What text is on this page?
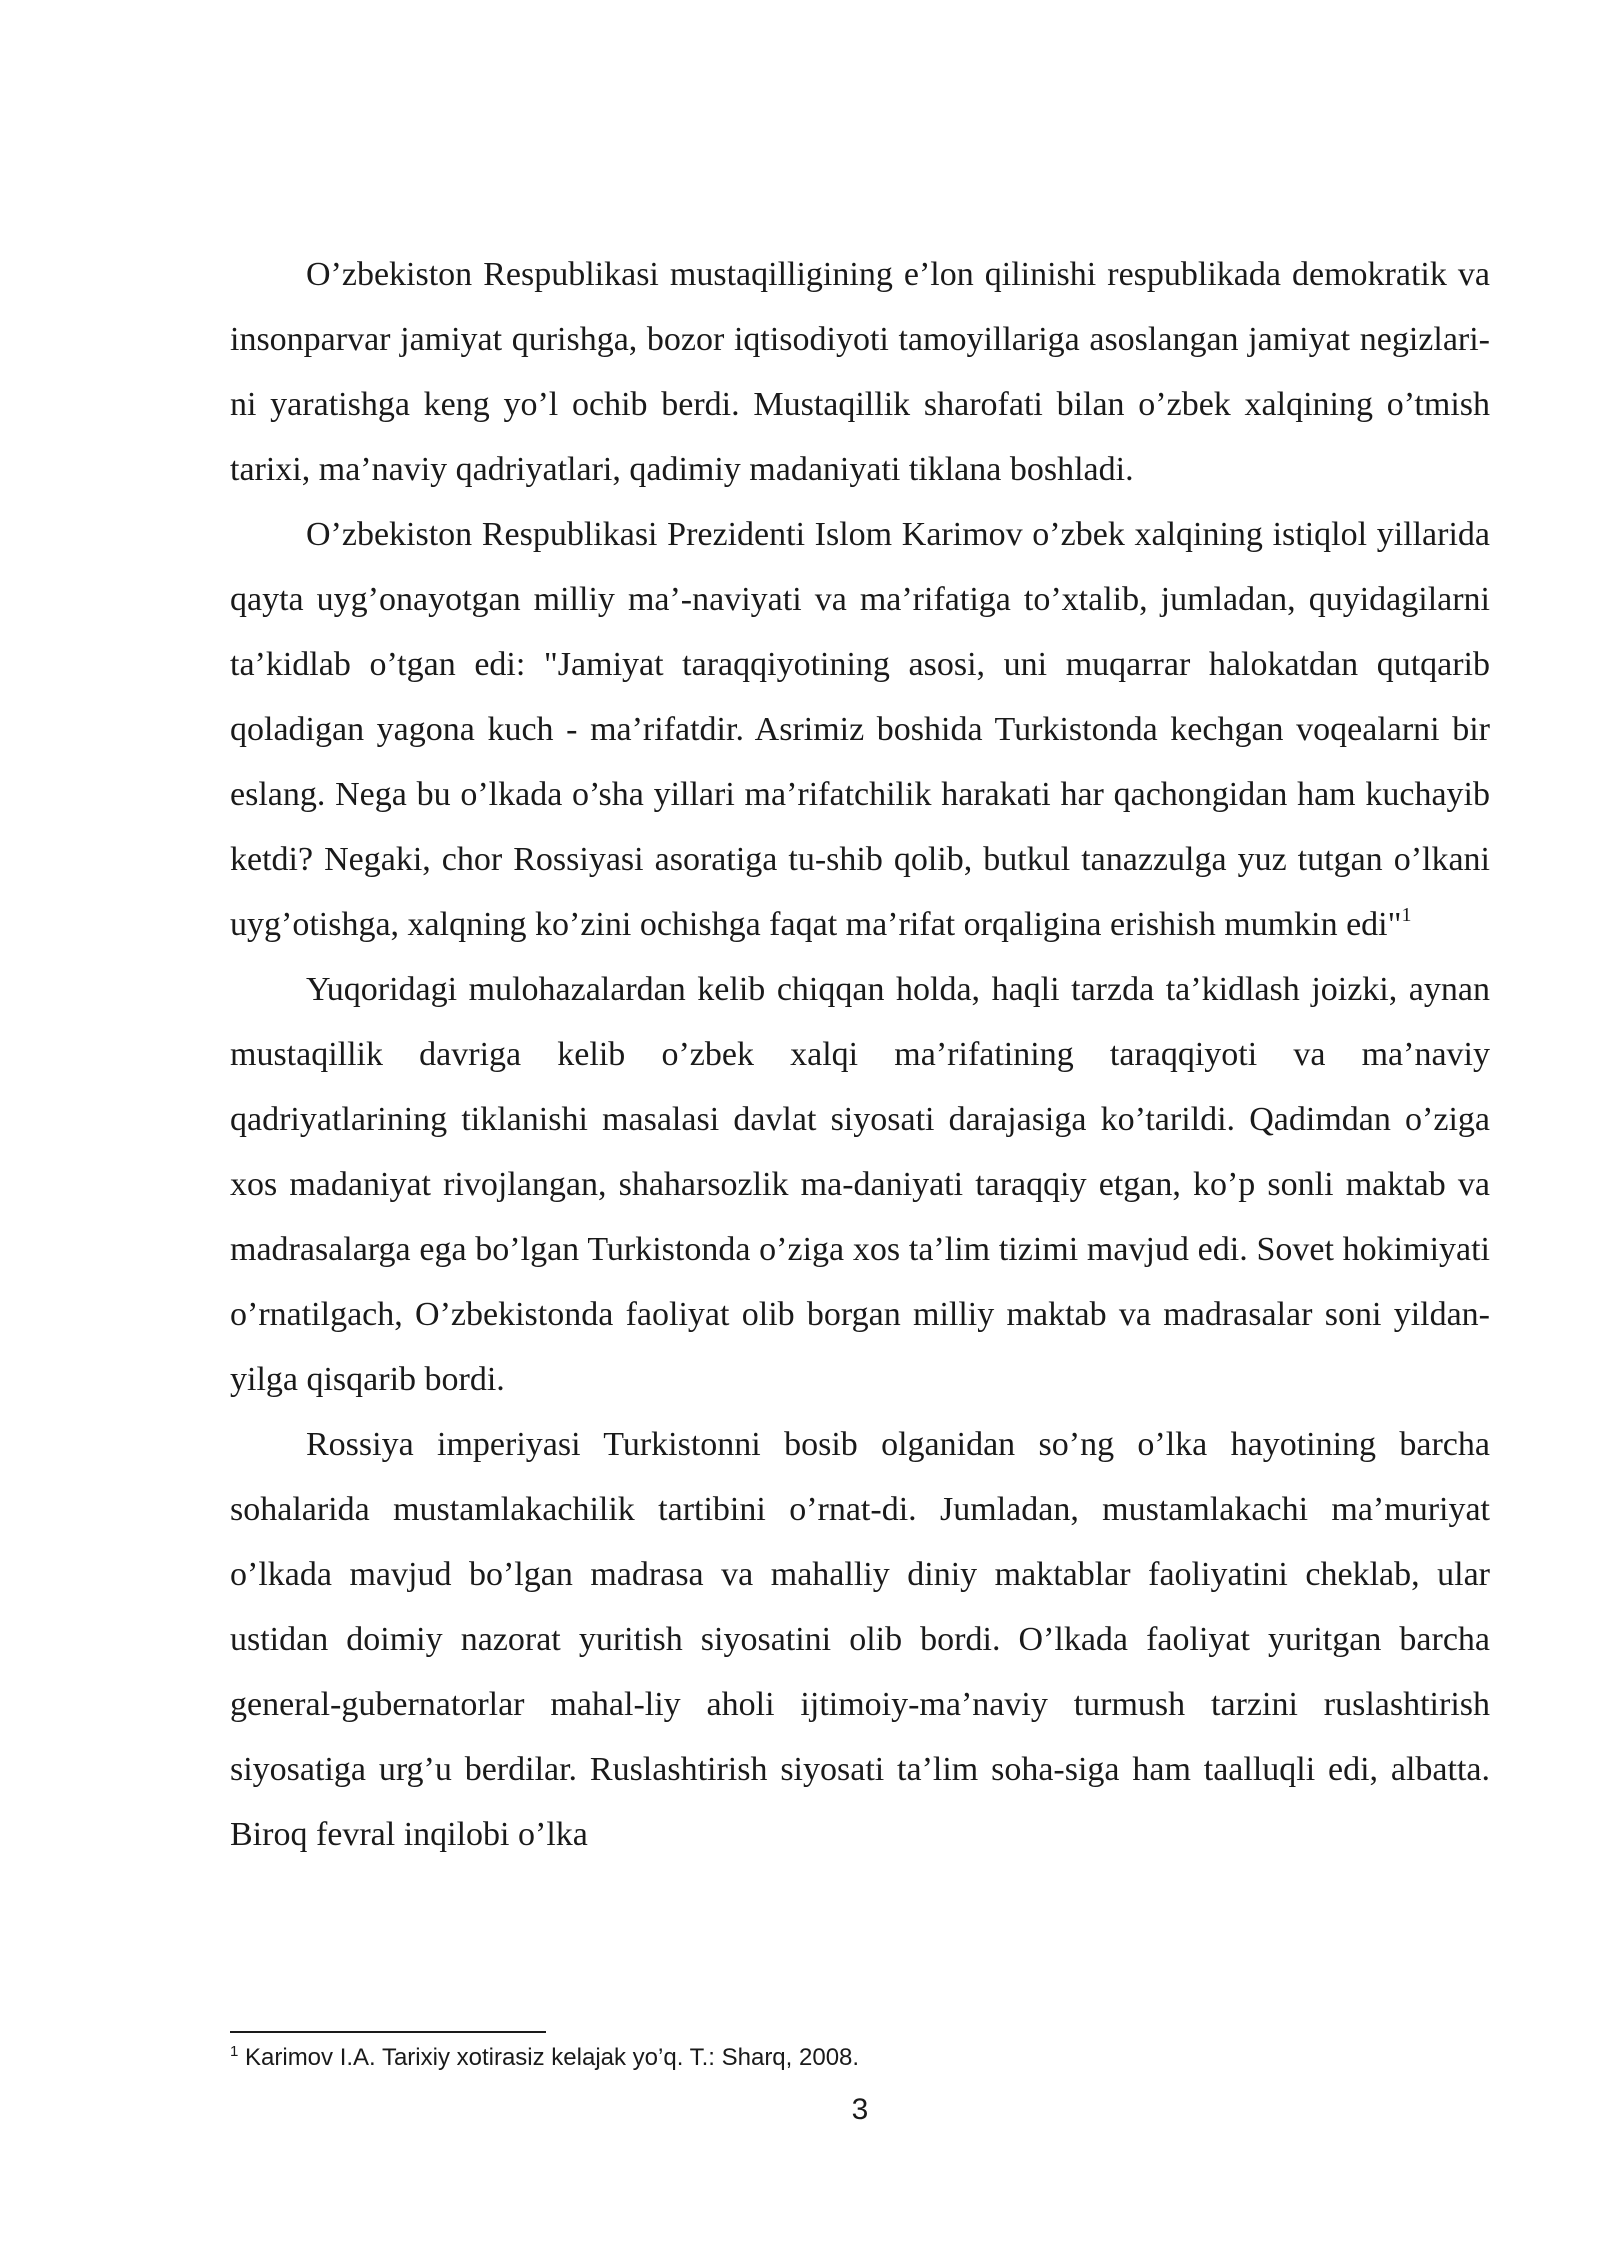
O’zbekiston Respublikasi mustaqilligining e’lon qilinishi respublikada demokratik va insonparvar jamiyat qurishga, bozor iqtisodiyoti tamoyillariga asoslangan jamiyat negizlari-ni yaratishga keng yo’l ochib berdi. Mustaqillik sharofati bilan o’zbek xalqining o’tmish tarixi, ma’naviy qadriyatlari, qadimiy madaniyati tiklana boshladi.

O’zbekiston Respublikasi Prezidenti Islom Karimov o’zbek xalqining istiqlol yillarida qayta uyg’onayotgan milliy ma’-naviyati va ma’rifatiga to’xtalib, jumladan, quyidagilarni ta’kidlab o’tgan edi: "Jamiyat taraqqiyotining asosi, uni muqarrar halokatdan qutqarib qoladigan yagona kuch - ma’rifatdir. Asrimiz boshida Turkistonda kechgan voqealarni bir eslang. Nega bu o’lkada o’sha yillari ma’rifatchilik harakati har qachongidan ham kuchayib ketdi? Negaki, chor Rossiyasi asoratiga tu-shib qolib, butkul tanazzulga yuz tutgan o’lkani uyg’otishga, xalqning ko’zini ochishga faqat ma’rifat orqaligina erishish mumkin edi"$^1$

Yuqoridagi mulohazalardan kelib chiqqan holda, haqli tarzda ta’kidlash joizki, aynan mustaqillik davriga kelib o’zbek xalqi ma’rifatining taraqqiyoti va ma’naviy qadriyatlarining tiklanishi masalasi davlat siyosati darajasiga ko’tarildi. Qadimdan o’ziga xos madaniyat rivojlangan, shaharsozlik ma-daniyati taraqqiy etgan, ko’p sonli maktab va madrasalarga ega bo’lgan Turkistonda o’ziga xos ta’lim tizimi mavjud edi. Sovet hokimiyati o’rnatilgach, O’zbekistonda faoliyat olib borgan milliy maktab va madrasalar soni yildan-yilga qisqarib bordi.

Rossiya imperiyasi Turkistonni bosib olganidan so’ng o’lka hayotining barcha sohalarida mustamlakachilik tartibini o’rnat-di. Jumladan, mustamlakachi ma’muriyat o’lkada mavjud bo’lgan madrasa va mahalliy diniy maktablar faoliyatini cheklab, ular ustidan doimiy nazorat yuritish siyosatini olib bordi. O’lkada faoliyat yuritgan barcha general-gubernatorlar mahal-liy aholi ijtimoiy-ma’naviy turmush tarzini ruslashtirish siyosatiga urg’u berdilar. Ruslashtirish siyosati ta’lim soha-siga ham taalluqli edi, albatta. Biroq fevral inqilobi o’lka

$^1$ Karimov I.A. Tarixiy xotirasiz kelajak yo’q. T.: Sharq, 2008.
3
